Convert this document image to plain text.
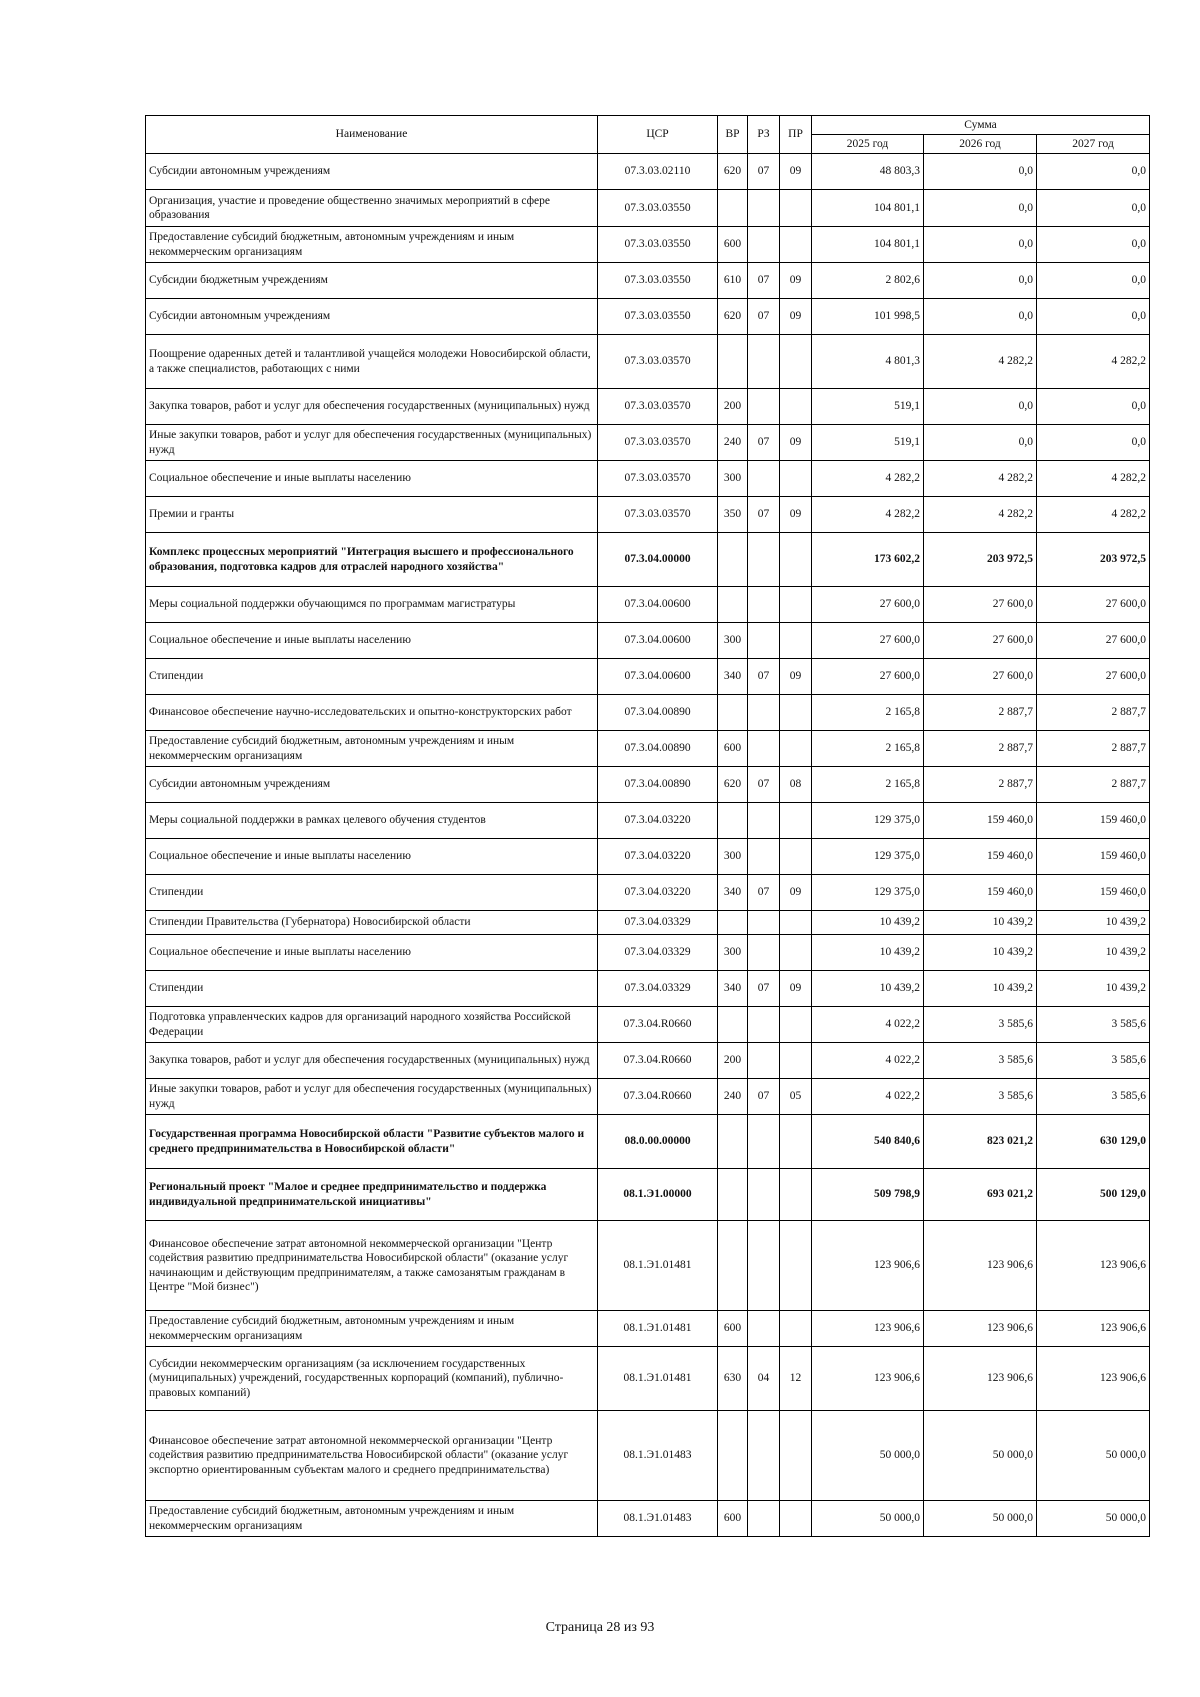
Наименование	ЦСР	ВР	РЗ	ПР	Сумма		
					2025 год	2026 год	2027 год
Субсидии автономным учреждениям	07.3.03.02110	620	07	09	48 803,3	0,0	0,0
Организация, участие и проведение общественно значимых мероприятий в сфере образования	07.3.03.03550				104 801,1	0,0	0,0
Предоставление субсидий бюджетным, автономным учреждениям и иным некоммерческим организациям	07.3.03.03550	600			104 801,1	0,0	0,0
Субсидии бюджетным учреждениям	07.3.03.03550	610	07	09	2 802,6	0,0	0,0
Субсидии автономным учреждениям	07.3.03.03550	620	07	09	101 998,5	0,0	0,0
Поощрение одаренных детей и талантливой учащейся молодежи Новосибирской области, а также специалистов, работающих с ними	07.3.03.03570				4 801,3	4 282,2	4 282,2
Закупка товаров, работ и услуг для обеспечения государственных (муниципальных) нужд	07.3.03.03570	200			519,1	0,0	0,0
Иные закупки товаров, работ и услуг для обеспечения государственных (муниципальных) нужд	07.3.03.03570	240	07	09	519,1	0,0	0,0
Социальное обеспечение и иные выплаты населению	07.3.03.03570	300			4 282,2	4 282,2	4 282,2
Премии и гранты	07.3.03.03570	350	07	09	4 282,2	4 282,2	4 282,2
Комплекс процессных мероприятий "Интеграция высшего и профессионального образования, подготовка кадров для отраслей народного хозяйства"	07.3.04.00000				173 602,2	203 972,5	203 972,5
Меры социальной поддержки обучающимся по программам магистратуры	07.3.04.00600				27 600,0	27 600,0	27 600,0
Социальное обеспечение и иные выплаты населению	07.3.04.00600	300			27 600,0	27 600,0	27 600,0
Стипендии	07.3.04.00600	340	07	09	27 600,0	27 600,0	27 600,0
Финансовое обеспечение научно-исследовательских и опытно-конструкторских работ	07.3.04.00890				2 165,8	2 887,7	2 887,7
Предоставление субсидий бюджетным, автономным учреждениям и иным некоммерческим организациям	07.3.04.00890	600			2 165,8	2 887,7	2 887,7
Субсидии автономным учреждениям	07.3.04.00890	620	07	08	2 165,8	2 887,7	2 887,7
Меры социальной поддержки в рамках целевого обучения студентов	07.3.04.03220				129 375,0	159 460,0	159 460,0
Социальное обеспечение и иные выплаты населению	07.3.04.03220	300			129 375,0	159 460,0	159 460,0
Стипендии	07.3.04.03220	340	07	09	129 375,0	159 460,0	159 460,0
Стипендии Правительства (Губернатора) Новосибирской области	07.3.04.03329				10 439,2	10 439,2	10 439,2
Социальное обеспечение и иные выплаты населению	07.3.04.03329	300			10 439,2	10 439,2	10 439,2
Стипендии	07.3.04.03329	340	07	09	10 439,2	10 439,2	10 439,2
Подготовка управленческих кадров для организаций народного хозяйства Российской Федерации	07.3.04.R0660				4 022,2	3 585,6	3 585,6
Закупка товаров, работ и услуг для обеспечения государственных (муниципальных) нужд	07.3.04.R0660	200			4 022,2	3 585,6	3 585,6
Иные закупки товаров, работ и услуг для обеспечения государственных (муниципальных) нужд	07.3.04.R0660	240	07	05	4 022,2	3 585,6	3 585,6
Государственная программа Новосибирской области "Развитие субъектов малого и среднего предпринимательства в Новосибирской области"	08.0.00.00000				540 840,6	823 021,2	630 129,0
Региональный проект "Малое и среднее предпринимательство и поддержка индивидуальной предпринимательской инициативы"	08.1.Э1.00000				509 798,9	693 021,2	500 129,0
Финансовое обеспечение затрат автономной некоммерческой организации "Центр содействия развитию предпринимательства Новосибирской области" (оказание услуг начинающим и действующим предпринимателям, а также самозанятым гражданам в Центре "Мой бизнес")	08.1.Э1.01481				123 906,6	123 906,6	123 906,6
Предоставление субсидий бюджетным, автономным учреждениям и иным некоммерческим организациям	08.1.Э1.01481	600			123 906,6	123 906,6	123 906,6
Субсидии некоммерческим организациям (за исключением государственных (муниципальных) учреждений, государственных корпораций (компаний), публично-правовых компаний)	08.1.Э1.01481	630	04	12	123 906,6	123 906,6	123 906,6
Финансовое обеспечение затрат автономной некоммерческой организации "Центр содействия развитию предпринимательства Новосибирской области" (оказание услуг экспортно ориентированным субъектам малого и среднего предпринимательства)	08.1.Э1.01483				50 000,0	50 000,0	50 000,0
Предоставление субсидий бюджетным, автономным учреждениям и иным некоммерческим организациям	08.1.Э1.01483	600			50 000,0	50 000,0	50 000,0
Страница 28 из 93
